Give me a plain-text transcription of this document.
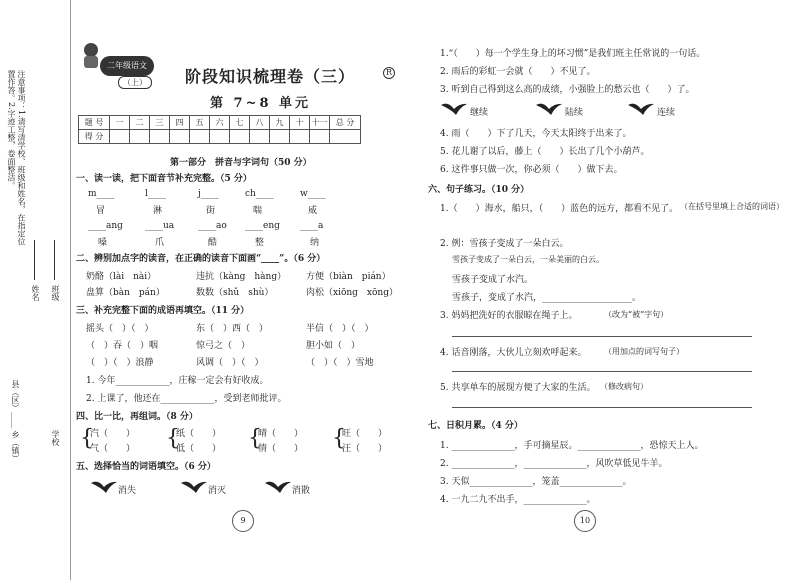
注意事项：1.请写清学校、班级和姓名，在指定位置作答。2.字迹工整，卷面整洁。
姓名 班级
学校
县（区）____ 乡（镇）
二年级语文
（上）	阶段知识梳理卷（三）	R
第 7~8 单元
题 号	一	二	三	四	五	六	七	八	九	十	十一	总 分
得 分												
第一部分　拼音与字词句（50 分）
一、读一读，把下面音节补充完整。（5 分）
二、辨别加点字的读音，在正确的读音下面画“____”。（6 分）
三、补充完整下面的成语再填空。（11 分）
1. 今年____________，庄稼一定会有好收成。
2. 上课了，他还在____________，受到老师批评。
四、比一比，再组词。（8 分）
五、选择恰当的词语填空。（6 分）
9
六、句子练习。（10 分）
1.（　　）海水，船只，（　　）蓝色的远方，都看不见了。 （在括号里填上合适的词语）
2. 例：雪孩子变成了一朵白云。
雪孩子变成了一朵白云，一朵美丽的白云。
雪孩子变成了水汽。
雪孩子，变成了水汽，____________________。
3. 妈妈把洗好的衣服晾在绳子上。	（改为“被”字句）
4. 话音刚落，大伙儿立刻欢呼起来。 （用加点的词写句子）
5. 共享单车的展现方便了大家的生活。 （修改病句）
七、日积月累。（4 分）
1. ______________，手可摘星辰。______________，恐惊天上人。
2. ______________，______________，风吹草低见牛羊。
3. 天似______________，笼盖______________。
4. 一九二九不出手，______________。
10
m____	l____	j____	ch____	w____
冒	淋	街	喘	威
____ang ____ua	____ao ____eng ____a
嗓	爪	酷	整	纳
奶酪（lài　nài）	违抗（kàng　hàng） 方便（biàn　pián）
盘算（bàn　pán）	数数（shǔ　shù）	肉松（xiōng　xōng）
摇头（　）（　）	东（　）西（　）	半信（　）（　）
（　）吞（　）咽	惊弓之（　）	胆小如（　）
（　）（　）浪静	风调（　）（　）	（　）（　）雪地
{
汽（　　）
气（　　） {
纸（　　）
低（　　） {
晴（　　）
情（　　） {
旺（　　）
汪（　　）
消失	消灭	消散
1.“（　　）每一个学生身上的坏习惯”是我们班主任常说的一句话。
2. 雨后的彩虹一会就（　　）不见了。
3. 听到自己得到这么高的成绩，小强脸上的愁云也（　　）了。
继续	陆续	连续
4. 雨（　　）下了几天，今天太阳终于出来了。
5. 花儿谢了以后，藤上（　　）长出了几个小葫芦。
6. 这件事只做一次，你必须（　　）做下去。
